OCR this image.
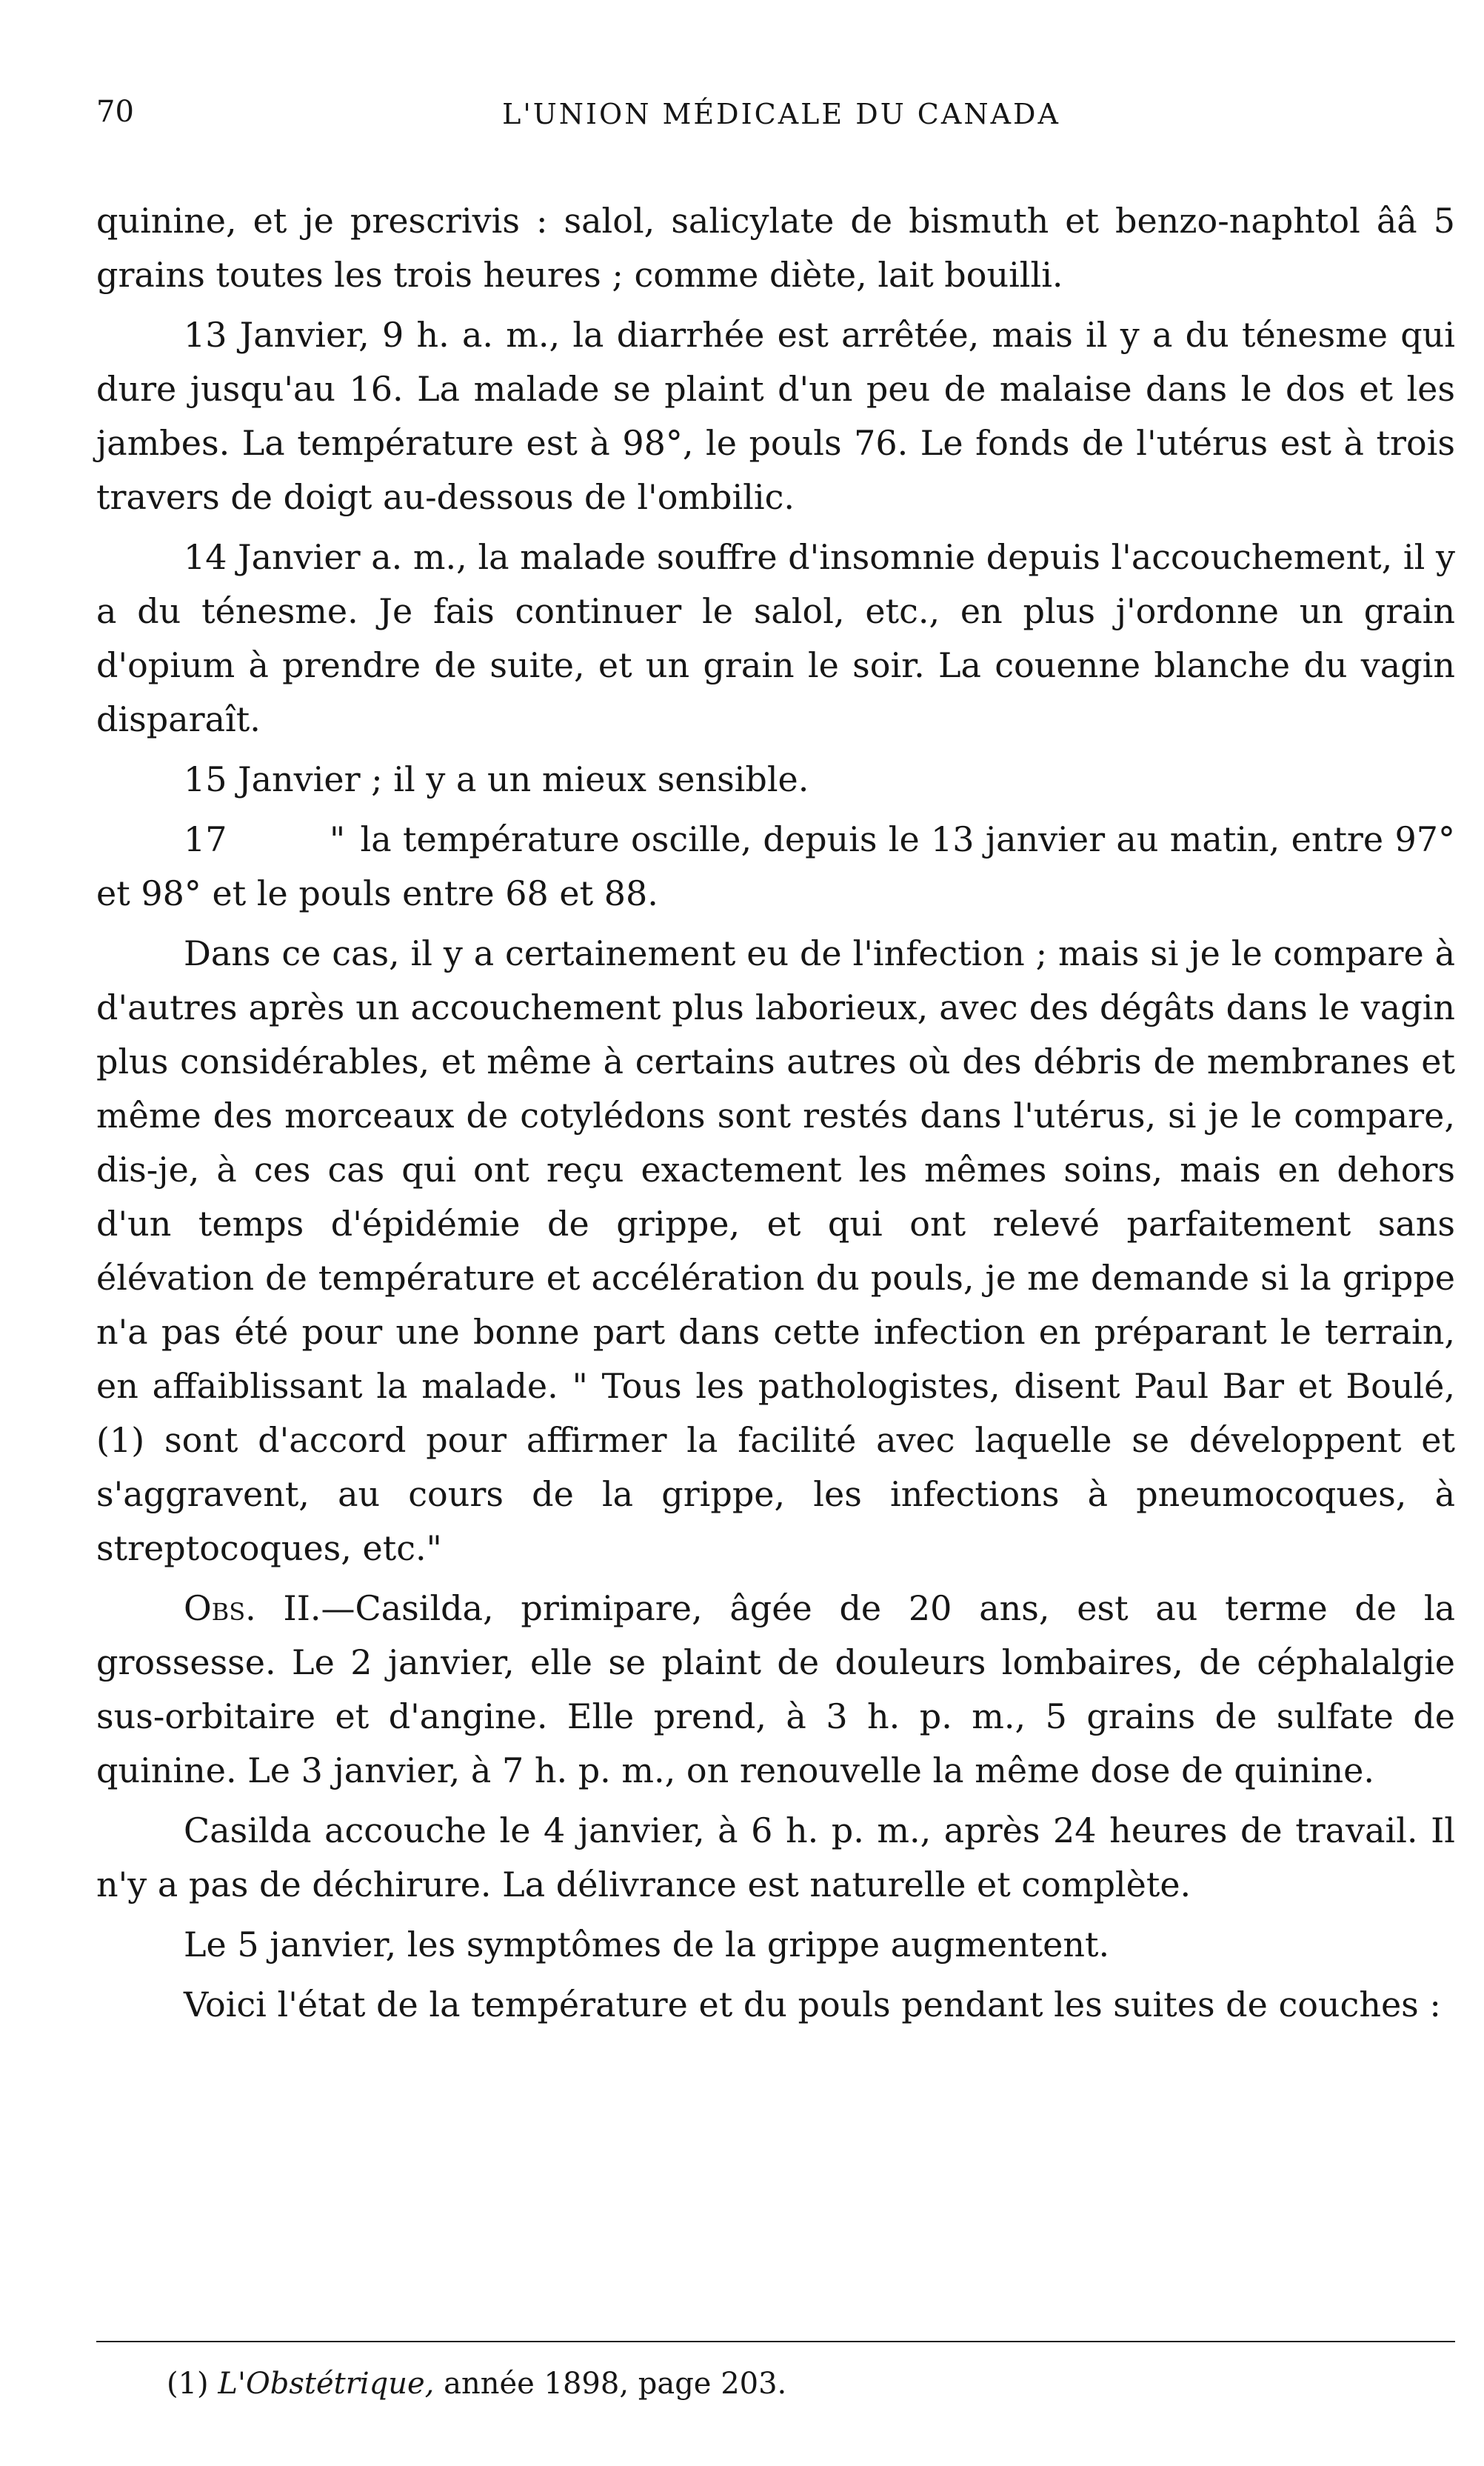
70	L'UNION MÉDICALE DU CANADA

quinine, et je prescrivis : salol, salicylate de bismuth et benzo-naphtol ââ 5 grains toutes les trois heures ; comme diète, lait bouilli.

13 Janvier, 9 h. a. m., la diarrhée est arrêtée, mais il y a du ténesme qui dure jusqu'au 16. La malade se plaint d'un peu de malaise dans le dos et les jambes. La température est à 98°, le pouls 76. Le fonds de l'utérus est à trois travers de doigt au-dessous de l'ombilic.

14 Janvier a. m., la malade souffre d'insomnie depuis l'accouchement, il y a du ténesme. Je fais continuer le salol, etc., en plus j'ordonne un grain d'opium à prendre de suite, et un grain le soir. La couenne blanche du vagin disparaît.

15 Janvier ; il y a un mieux sensible.

17	" la température oscille, depuis le 13 janvier au matin, entre 97° et 98° et le pouls entre 68 et 88.

Dans ce cas, il y a certainement eu de l'infection ; mais si je le compare à d'autres après un accouchement plus laborieux, avec des dégâts dans le vagin plus considérables, et même à certains autres où des débris de membranes et même des morceaux de cotylédons sont restés dans l'utérus, si je le compare, dis-je, à ces cas qui ont reçu exactement les mêmes soins, mais en dehors d'un temps d'épidémie de grippe, et qui ont relevé parfaitement sans élévation de température et accélération du pouls, je me demande si la grippe n'a pas été pour une bonne part dans cette infection en préparant le terrain, en affaiblissant la malade. " Tous les pathologistes, disent Paul Bar et Boulé, (1) sont d'accord pour affirmer la facilité avec laquelle se développent et s'aggravent, au cours de la grippe, les infections à pneumocoques, à streptocoques, etc."

Obs. II.—Casilda, primipare, âgée de 20 ans, est au terme de la grossesse. Le 2 janvier, elle se plaint de douleurs lombaires, de céphalalgie sus-orbitaire et d'angine. Elle prend, à 3 h. p. m., 5 grains de sulfate de quinine. Le 3 janvier, à 7 h. p. m., on renouvelle la même dose de quinine.

Casilda accouche le 4 janvier, à 6 h. p. m., après 24 heures de travail. Il n'y a pas de déchirure. La délivrance est naturelle et complète.

Le 5 janvier, les symptômes de la grippe augmentent.

Voici l'état de la température et du pouls pendant les suites de couches :

(1) L'Obstétrique, année 1898, page 203.
